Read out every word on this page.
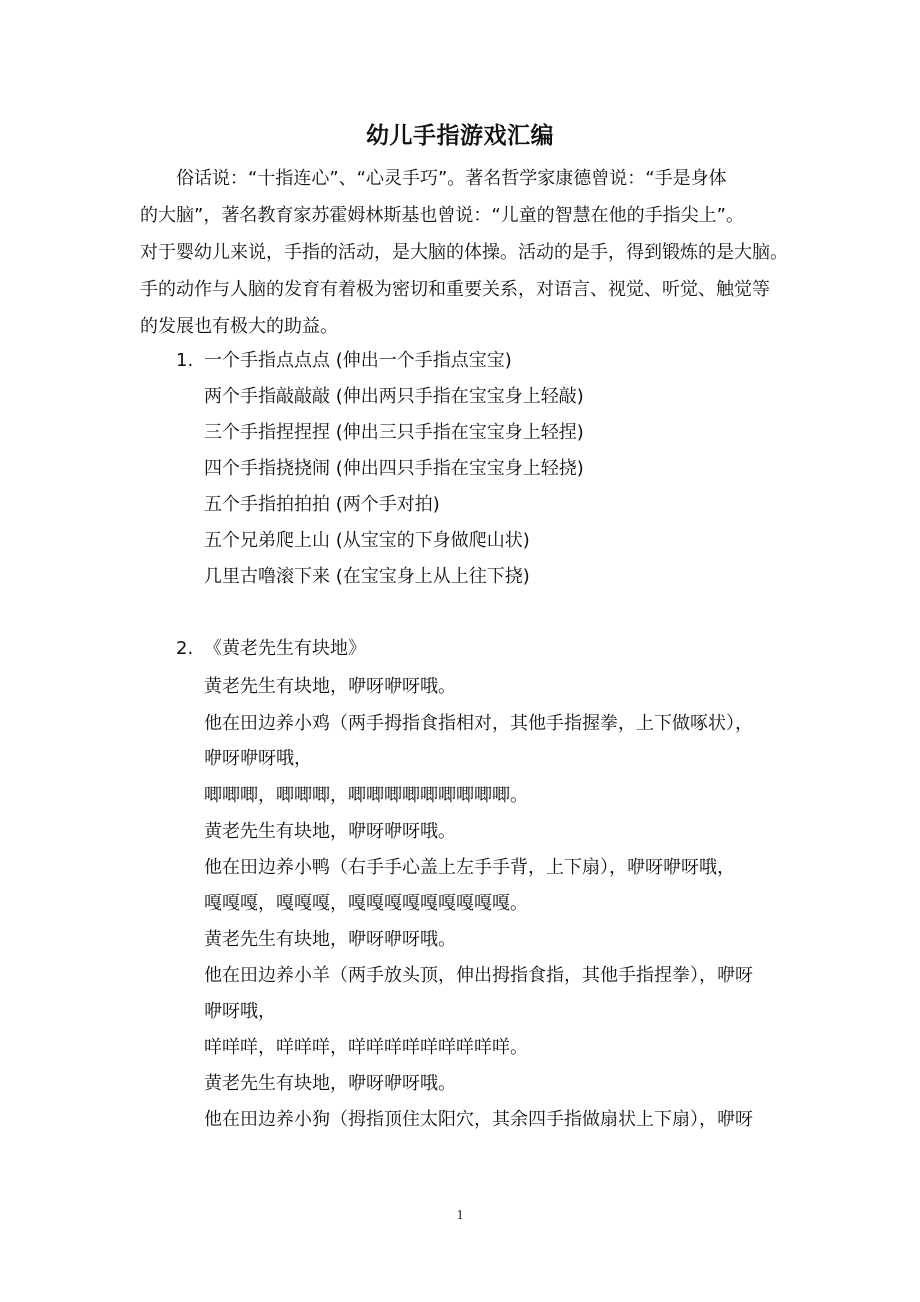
幼儿手指游戏汇编
俗话说：“十指连心”、“心灵手巧”。著名哲学家康德曾说：“手是身体
的大脑”，著名教育家苏霍姆林斯基也曾说：“儿童的智慧在他的手指尖上”。
对于婴幼儿来说，手指的活动，是大脑的体操。活动的是手，得到锻炼的是大脑。
手的动作与人脑的发育有着极为密切和重要关系，对语言、视觉、听觉、触觉等
的发展也有极大的助益。
1. 一个手指点点点 (伸出一个手指点宝宝)
两个手指敲敲敲 (伸出两只手指在宝宝身上轻敲)
三个手指捏捏捏 (伸出三只手指在宝宝身上轻捏)
四个手指挠挠闹 (伸出四只手指在宝宝身上轻挠)
五个手指拍拍拍 (两个手对拍)
五个兄弟爬上山 (从宝宝的下身做爬山状)
几里古噜滚下来 (在宝宝身上从上往下挠)
2. 《黄老先生有块地》
黄老先生有块地，咿呀咿呀哦。
他在田边养小鸡（两手拇指食指相对，其他手指握拳，上下做啄状），
咿呀咿呀哦，
唧唧唧，唧唧唧，唧唧唧唧唧唧唧唧唧。
黄老先生有块地，咿呀咿呀哦。
他在田边养小鸭（右手手心盖上左手手背，上下扇），咿呀咿呀哦，
嘎嘎嘎，嘎嘎嘎，嘎嘎嘎嘎嘎嘎嘎嘎嘎。
黄老先生有块地，咿呀咿呀哦。
他在田边养小羊（两手放头顶，伸出拇指食指，其他手指捏拳），咿呀
咿呀哦，
咩咩咩，咩咩咩，咩咩咩咩咩咩咩咩咩。
黄老先生有块地，咿呀咿呀哦。
他在田边养小狗（拇指顶住太阳穴，其余四手指做扇状上下扇），咿呀
1
